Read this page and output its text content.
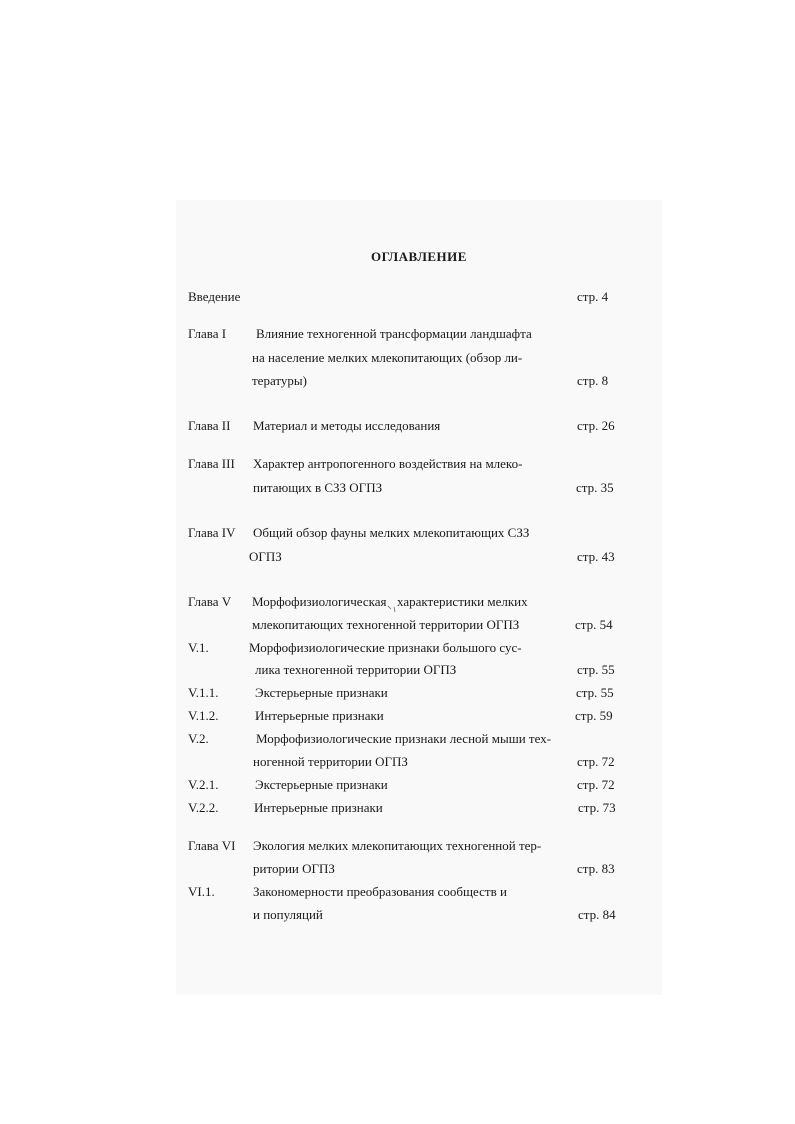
ОГЛАВЛЕНИЕ
Введение	стр. 4
Глава I Влияние техногенной трансформации ландшафта
на население мелких млекопитающих (обзор ли-
тературы)	стр. 8
Глава II Материал и методы исследования	стр. 26
Глава III Характер антропогенного воздействия на млеко-
питающих в СЗЗ ОГПЗ	стр. 35
Глава IV Общий обзор фауны мелких млекопитающих СЗЗ
ОГПЗ	стр. 43
Глава V Морфофизиологическая характеристики мелких
млекопитающих техногенной территории ОГПЗ	стр. 54
V.1.	Морфофизиологические признаки большого сус-
лика техногенной территории ОГПЗ	стр. 55
V.1.1.	Экстерьерные признаки	стр. 55
V.1.2.	Интерьерные признаки	стр. 59
V.2.	Морфофизиологические признаки лесной мыши тех-
ногенной территории ОГПЗ	стр. 72
V.2.1.	Экстерьерные признаки	стр. 72
V.2.2.	Интерьерные признаки	стр. 73
Глава VI Экология мелких млекопитающих техногенной тер-
ритории ОГПЗ	стр. 83
VI.1.	Закономерности преобразования сообществ и
и популяций	стр. 84
